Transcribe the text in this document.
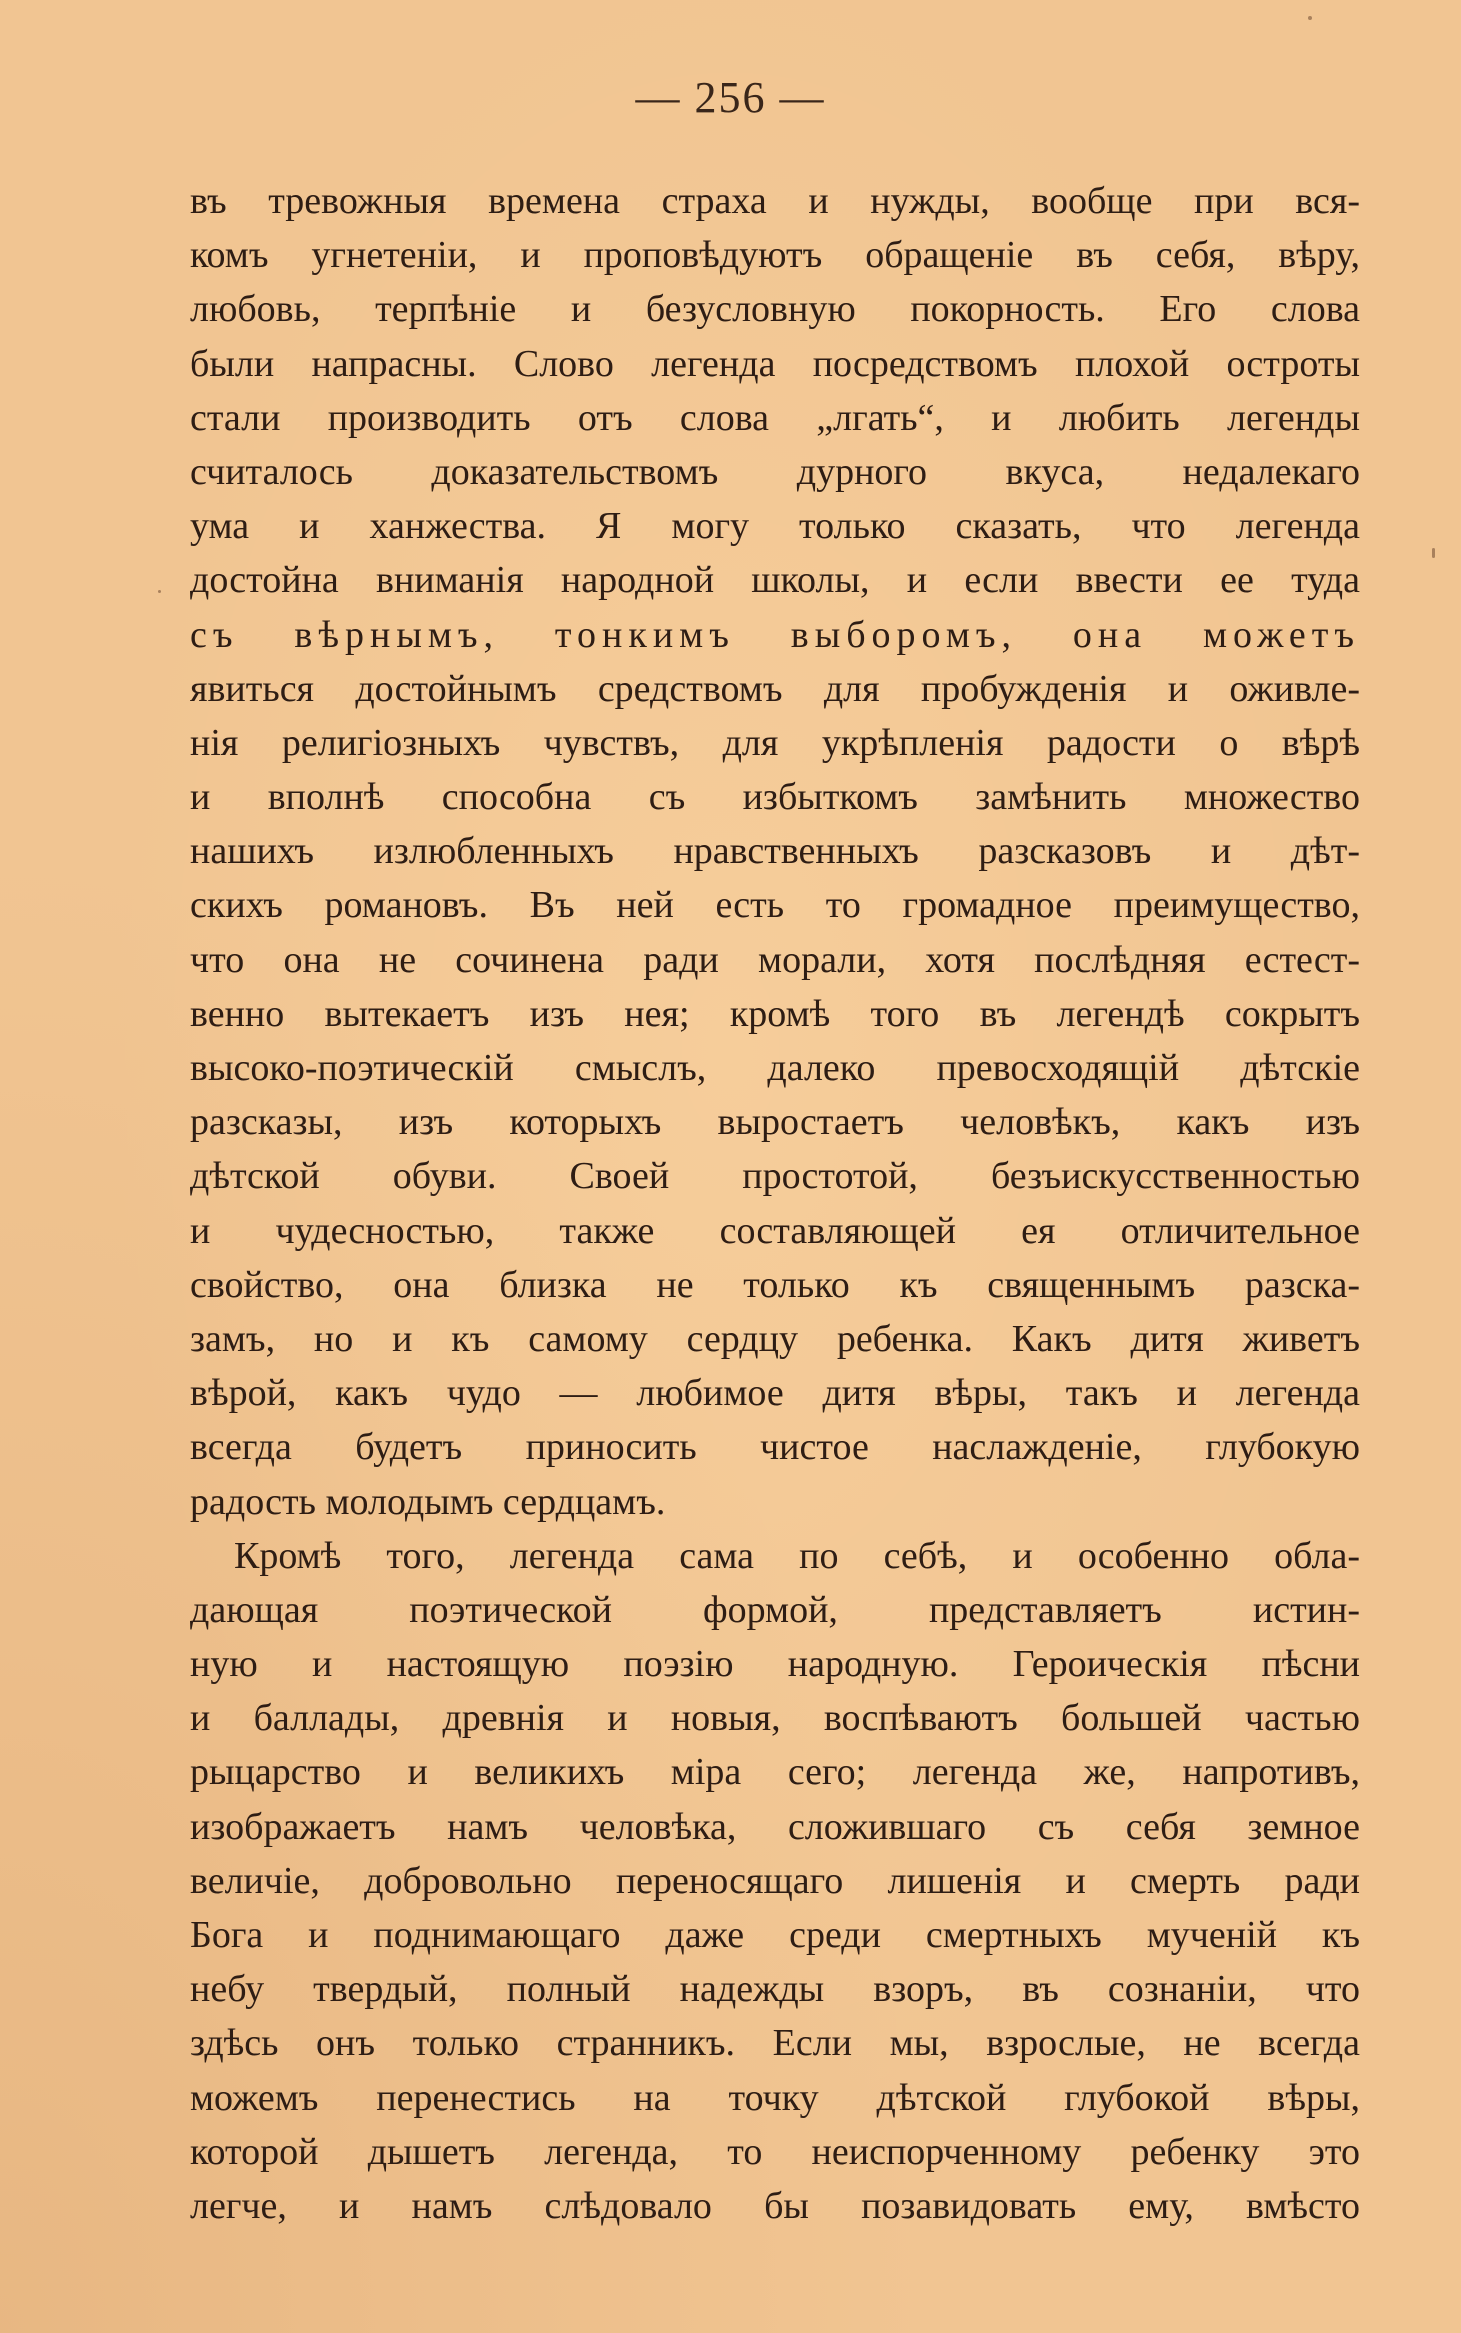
— 256 —
въ тревожныя времена страха и нужды, вообще при вся-
комъ угнетеніи, и проповѣдуютъ обращеніе въ себя, вѣру,
любовь, терпѣніе и безусловную покорность. Его слова
были напрасны. Слово легенда посредствомъ плохой остроты
стали производить отъ слова „лгать“, и любить легенды
считалось доказательствомъ дурного вкуса, недалекаго
ума и ханжества. Я могу только сказать, что легенда
достойна вниманія народной школы, и если ввести ее туда
съ вѣрнымъ, тонкимъ выборомъ, она можетъ
явиться достойнымъ средствомъ для пробужденія и оживле-
нія религіозныхъ чувствъ, для укрѣпленія радости о вѣрѣ
и вполнѣ способна съ избыткомъ замѣнить множество
нашихъ излюбленныхъ нравственныхъ разсказовъ и дѣт-
скихъ романовъ. Въ ней есть то громадное преимущество,
что она не сочинена ради морали, хотя послѣдняя естест-
венно вытекаетъ изъ нея; кромѣ того въ легендѣ сокрытъ
высоко-поэтическій смыслъ, далеко превосходящій дѣтскіе
разсказы, изъ которыхъ выростаетъ человѣкъ, какъ изъ
дѣтской обуви. Своей простотой, безъискусственностью
и чудесностью, также составляющей ея отличительное
свойство, она близка не только къ священнымъ разска-
замъ, но и къ самому сердцу ребенка. Какъ дитя живетъ
вѣрой, какъ чудо — любимое дитя вѣры, такъ и легенда
всегда будетъ приносить чистое наслажденіе, глубокую
радость молодымъ сердцамъ.
Кромѣ того, легенда сама по себѣ, и особенно обла-
дающая поэтической формой, представляетъ истин-
ную и настоящую поэзію народную. Героическія пѣсни
и баллады, древнія и новыя, воспѣваютъ большей частью
рыцарство и великихъ міра сего; легенда же, напротивъ,
изображаетъ намъ человѣка, сложившаго съ себя земное
величіе, добровольно переносящаго лишенія и смерть ради
Бога и поднимающаго даже среди смертныхъ мученій къ
небу твердый, полный надежды взоръ, въ сознаніи, что
здѣсь онъ только странникъ. Если мы, взрослые, не всегда
можемъ перенестись на точку дѣтской глубокой вѣры,
которой дышетъ легенда, то неиспорченному ребенку это
легче, и намъ слѣдовало бы позавидовать ему, вмѣсто
